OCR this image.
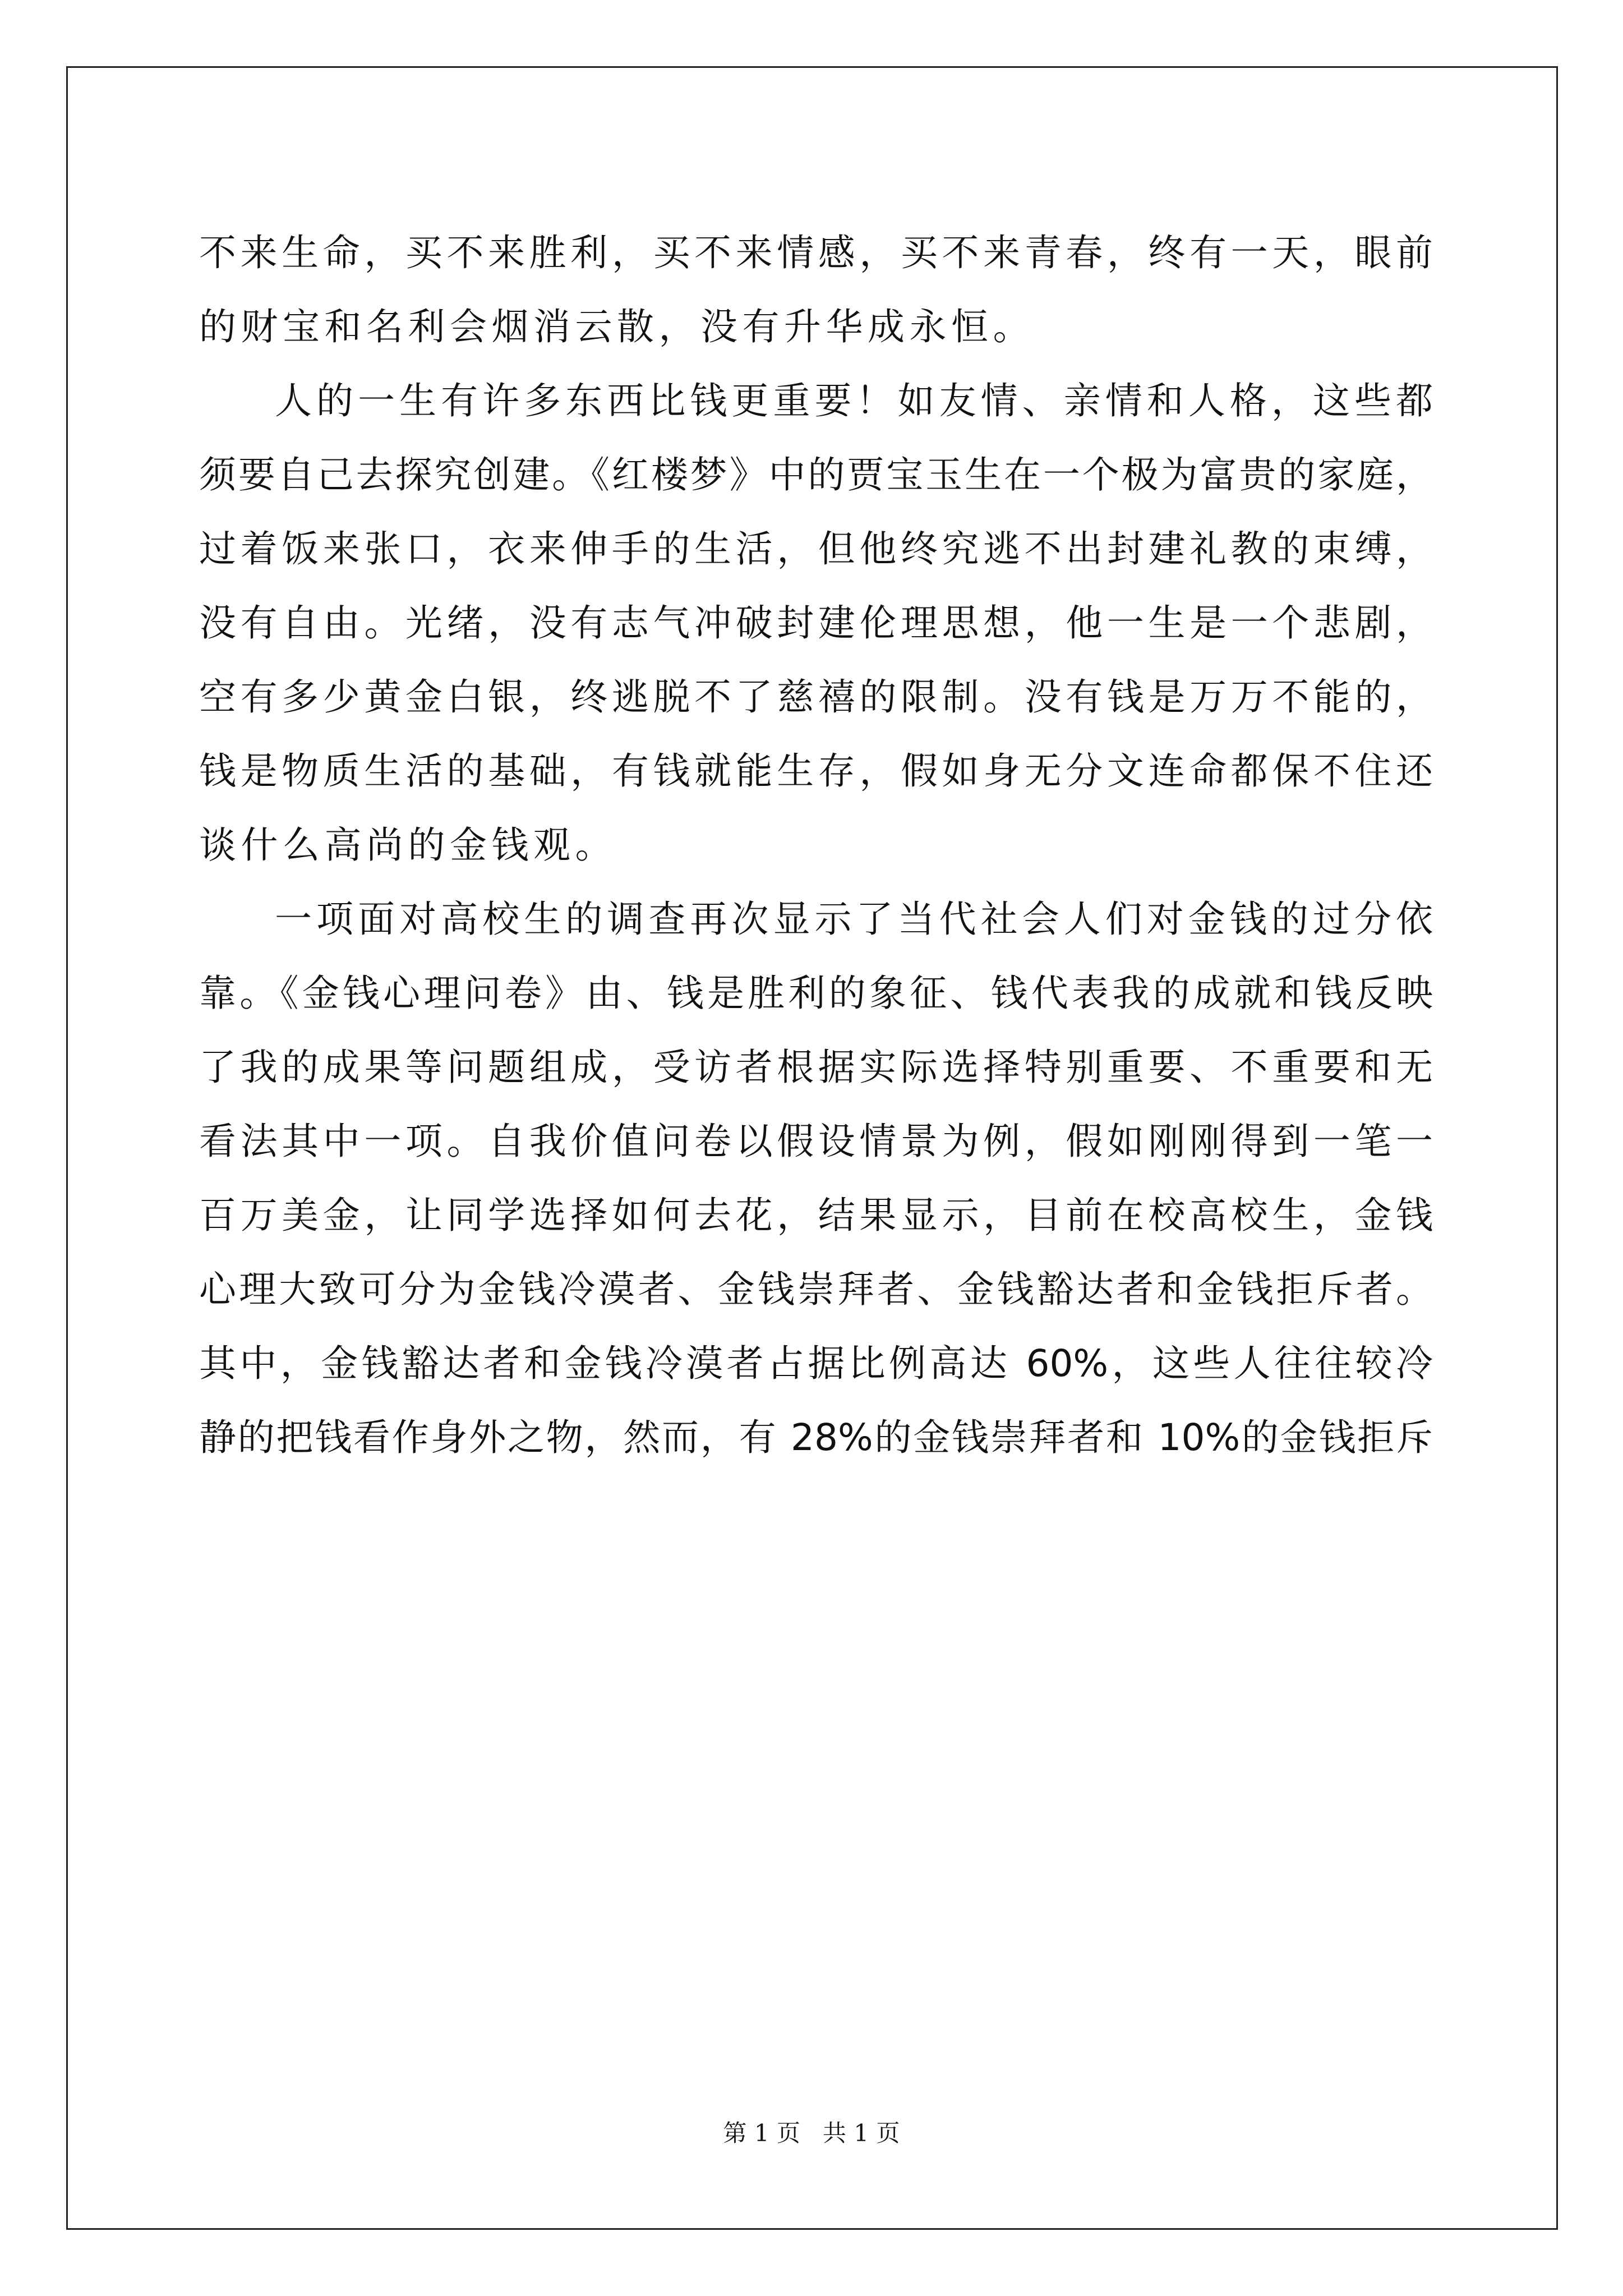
不来生命，买不来胜利，买不来情感，买不来青春，终有一天，眼前
的财宝和名利会烟消云散，没有升华成永恒。
人的一生有许多东西比钱更重要！如友情、亲情和人格，这些都
须要自己去探究创建。《红楼梦》中的贾宝玉生在一个极为富贵的家庭，
过着饭来张口，衣来伸手的生活，但他终究逃不出封建礼教的束缚，
没有自由。光绪，没有志气冲破封建伦理思想，他一生是一个悲剧，
空有多少黄金白银，终逃脱不了慈禧的限制。没有钱是万万不能的，
钱是物质生活的基础，有钱就能生存，假如身无分文连命都保不住还
谈什么高尚的金钱观。
一项面对高校生的调查再次显示了当代社会人们对金钱的过分依
靠。《金钱心理问卷》由、钱是胜利的象征、钱代表我的成就和钱反映
了我的成果等问题组成，受访者根据实际选择特别重要、不重要和无
看法其中一项。自我价值问卷以假设情景为例，假如刚刚得到一笔一
百万美金，让同学选择如何去花，结果显示，目前在校高校生，金钱
心理大致可分为金钱冷漠者、金钱崇拜者、金钱豁达者和金钱拒斥者。
其中，金钱豁达者和金钱冷漠者占据比例高达 60%，这些人往往较冷
静的把钱看作身外之物，然而，有 28%的金钱崇拜者和 10%的金钱拒斥
第 1 页 共 1 页
